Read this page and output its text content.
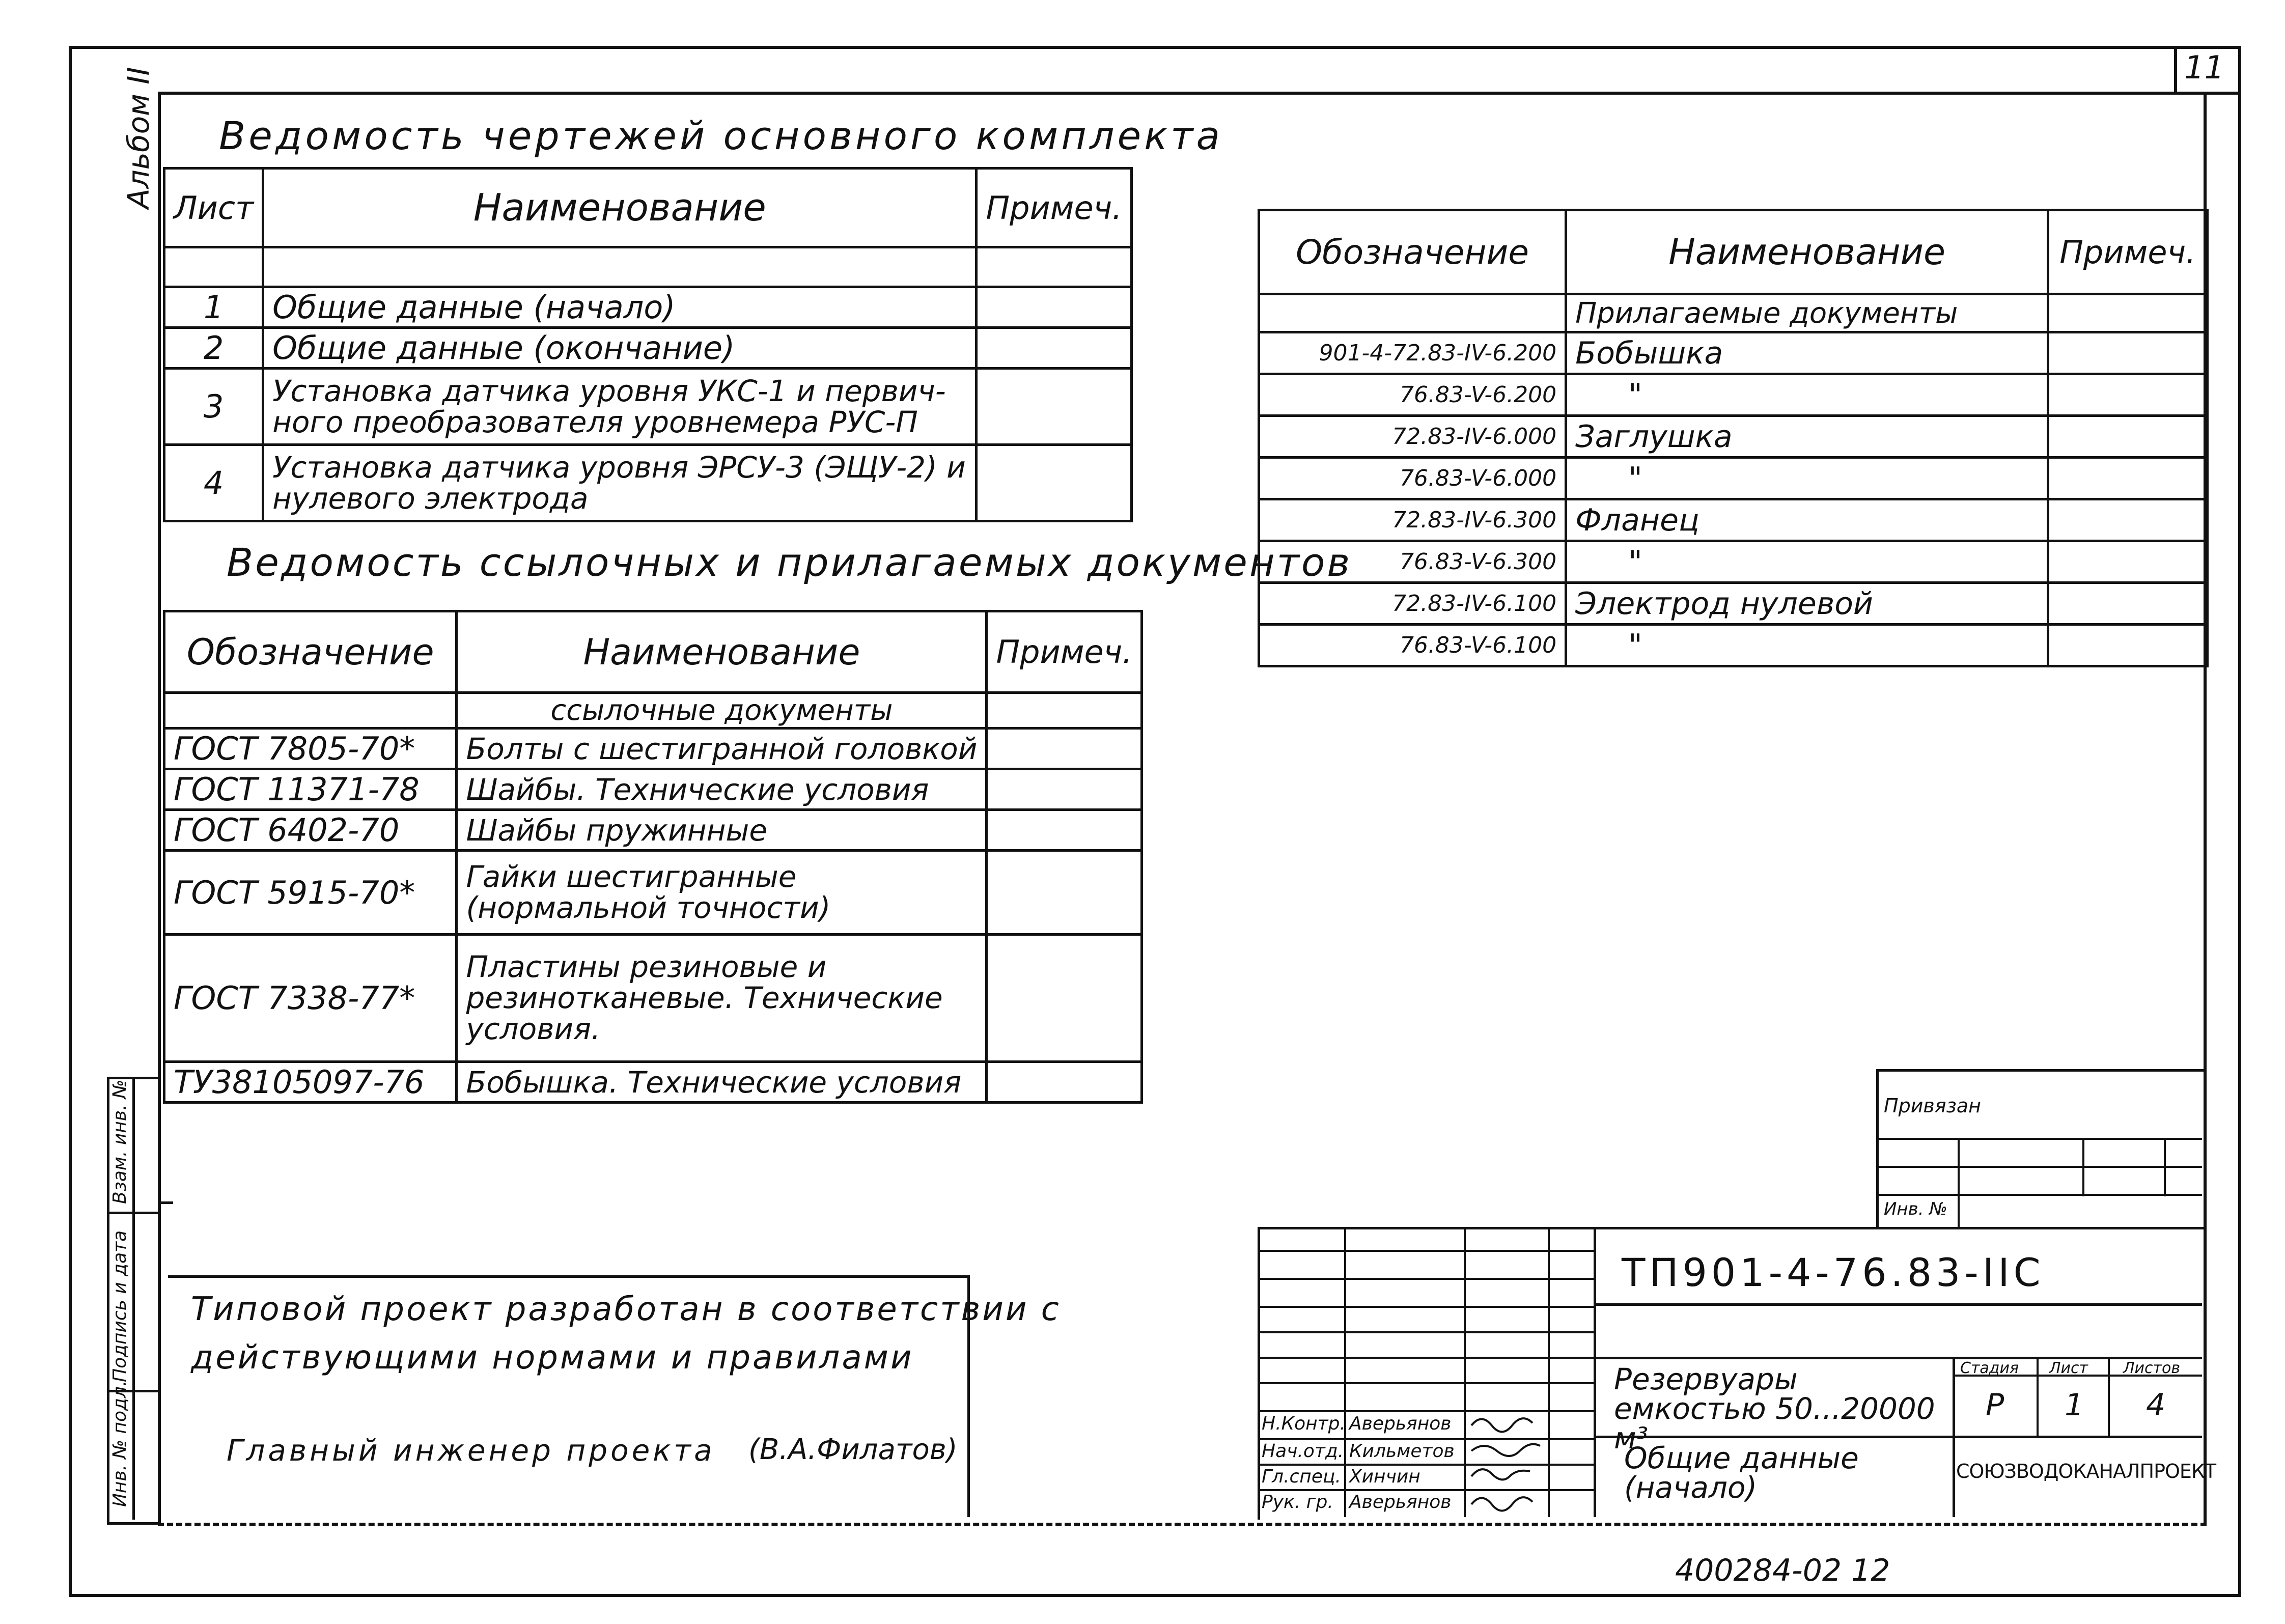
11
Альбом II Ведомость чертежей основного комплекта
Лист	Наименование	Примеч.

1	Общие данные (начало)	
2	Общие данные (окончание)	
3	Установка датчика уровня УКС-1 и первич-ного преобразователя уровнемера РУС-П	
4	Установка датчика уровня ЭРСУ-3 (ЭЩУ-2) и нулевого электрода	
Ведомость ссылочных и прилагаемых документов
Обозначение	Наименование	Примеч.
	ссылочные документы	
ГОСТ 7805-70*	Болты с шестигранной головкой	
ГОСТ 11371-78	Шайбы. Технические условия	
ГОСТ 6402-70	Шайбы пружинные	
ГОСТ 5915-70*	Гайки шестигранные (нормальной точности)	
ГОСТ 7338-77*	Пластины резиновые и резинотканевые. Технические условия.	
ТУ38105097-76	Бобышка. Технические условия	
Обозначение	Наименование	Примеч.
	Прилагаемые документы	
901-4-72.83-IV-6.200	Бобышка	
76.83-V-6.200	"	
72.83-IV-6.000	Заглушка	
76.83-V-6.000	"	
72.83-IV-6.300	Фланец	
76.83-V-6.300	"	
72.83-IV-6.100	Электрод нулевой	
76.83-V-6.100	"	
Инв. № подл.
Подпись и дата
Взам. инв. №
Типовой проект разработан в соответствии с
действующими нормами и правилами
Главный инженер проекта (В.А.Филатов)
Привязан
Инв. №
Н.Контр. Аверьянов
Нач.отд. Кильметов
Гл.спец. Хинчин
Рук. гр. Аверьянов
ТП901-4-76.83-IIС
Резервуары емкостью 50...20000 м³
Общие данные (начало)
Стадия Лист Листов
Р 1 4
СОЮЗВОДОКАНАЛПРОЕКТ
400284-02 12
